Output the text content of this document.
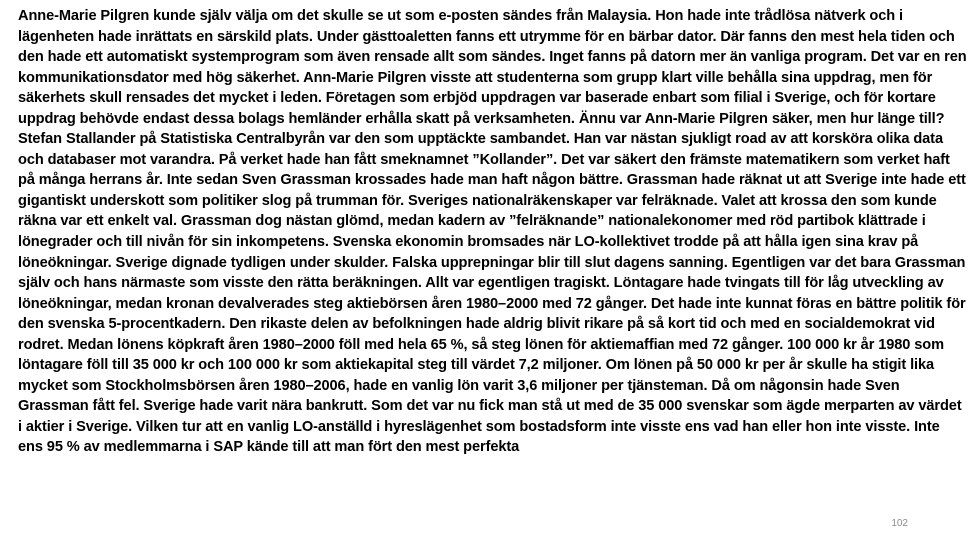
Anne-Marie Pilgren kunde själv välja om det skulle se ut som e-posten sändes från Malaysia. Hon hade inte trådlösa nätverk och i lägenheten hade inrättats en särskild plats. Under gästtoaletten fanns ett utrymme för en bärbar dator. Där fanns den mest hela tiden och den hade ett automatiskt systemprogram som även rensade allt som sändes. Inget fanns på datorn mer än vanliga program. Det var en ren kommunikationsdator med hög säkerhet. Ann-Marie Pilgren visste att studenterna som grupp klart ville behålla sina uppdrag, men för säkerhets skull rensades det mycket i leden. Företagen som erbjöd uppdragen var baserade enbart som filial i Sverige, och för kortare uppdrag behövde endast dessa bolags hemländer erhålla skatt på verksamheten. Ännu var Ann-Marie Pilgren säker, men hur länge till? Stefan Stallander på Statistiska Centralbyrån var den som upptäckte sambandet. Han var nästan sjukligt road av att korsköra olika data och databaser mot varandra. På verket hade han fått smeknamnet ”Kollander”. Det var säkert den främste matematikern som verket haft på många herrans år. Inte sedan Sven Grassman krossades hade man haft någon bättre. Grassman hade räknat ut att Sverige inte hade ett gigantiskt underskott som politiker slog på trumman för. Sveriges nationalräkenskaper var felräknade. Valet att krossa den som kunde räkna var ett enkelt val. Grassman dog nästan glömd, medan kadern av ”felräknande” nationalekonomer med röd partibok klättrade i lönegrader och till nivån för sin inkompetens. Svenska ekonomin bromsades när LO-kollektivet trodde på att hålla igen sina krav på löneökningar. Sverige dignade tydligen under skulder. Falska upprepningar blir till slut dagens sanning. Egentligen var det bara Grassman själv och hans närmaste som visste den rätta beräkningen. Allt var egentligen tragiskt. Löntagare hade tvingats till för låg utveckling av löneökningar, medan kronan devalverades steg aktiebörsen åren 1980–2000 med 72 gånger. Det hade inte kunnat föras en bättre politik för den svenska 5-procentkadern. Den rikaste delen av befolkningen hade aldrig blivit rikare på så kort tid och med en socialdemokrat vid rodret. Medan lönens köpkraft åren 1980–2000 föll med hela 65 %, så steg lönen för aktiemaffian med 72 gånger. 100 000 kr år 1980 som löntagare föll till 35 000 kr och 100 000 kr som aktiekapital steg till värdet 7,2 miljoner. Om lönen på 50 000 kr per år skulle ha stigit lika mycket som Stockholmsbörsen åren 1980–2006, hade en vanlig lön varit 3,6 miljoner per tjänsteman. Då om någonsin hade Sven Grassman fått fel. Sverige hade varit nära bankrutt. Som det var nu fick man stå ut med de 35 000 svenskar som ägde merparten av värdet i aktier i Sverige. Vilken tur att en vanlig LO-anställd i hyreslägenhet som bostadsform inte visste ens vad han eller hon inte visste. Inte ens 95 % av medlemmarna i SAP kände till att man fört den mest perfekta

102
